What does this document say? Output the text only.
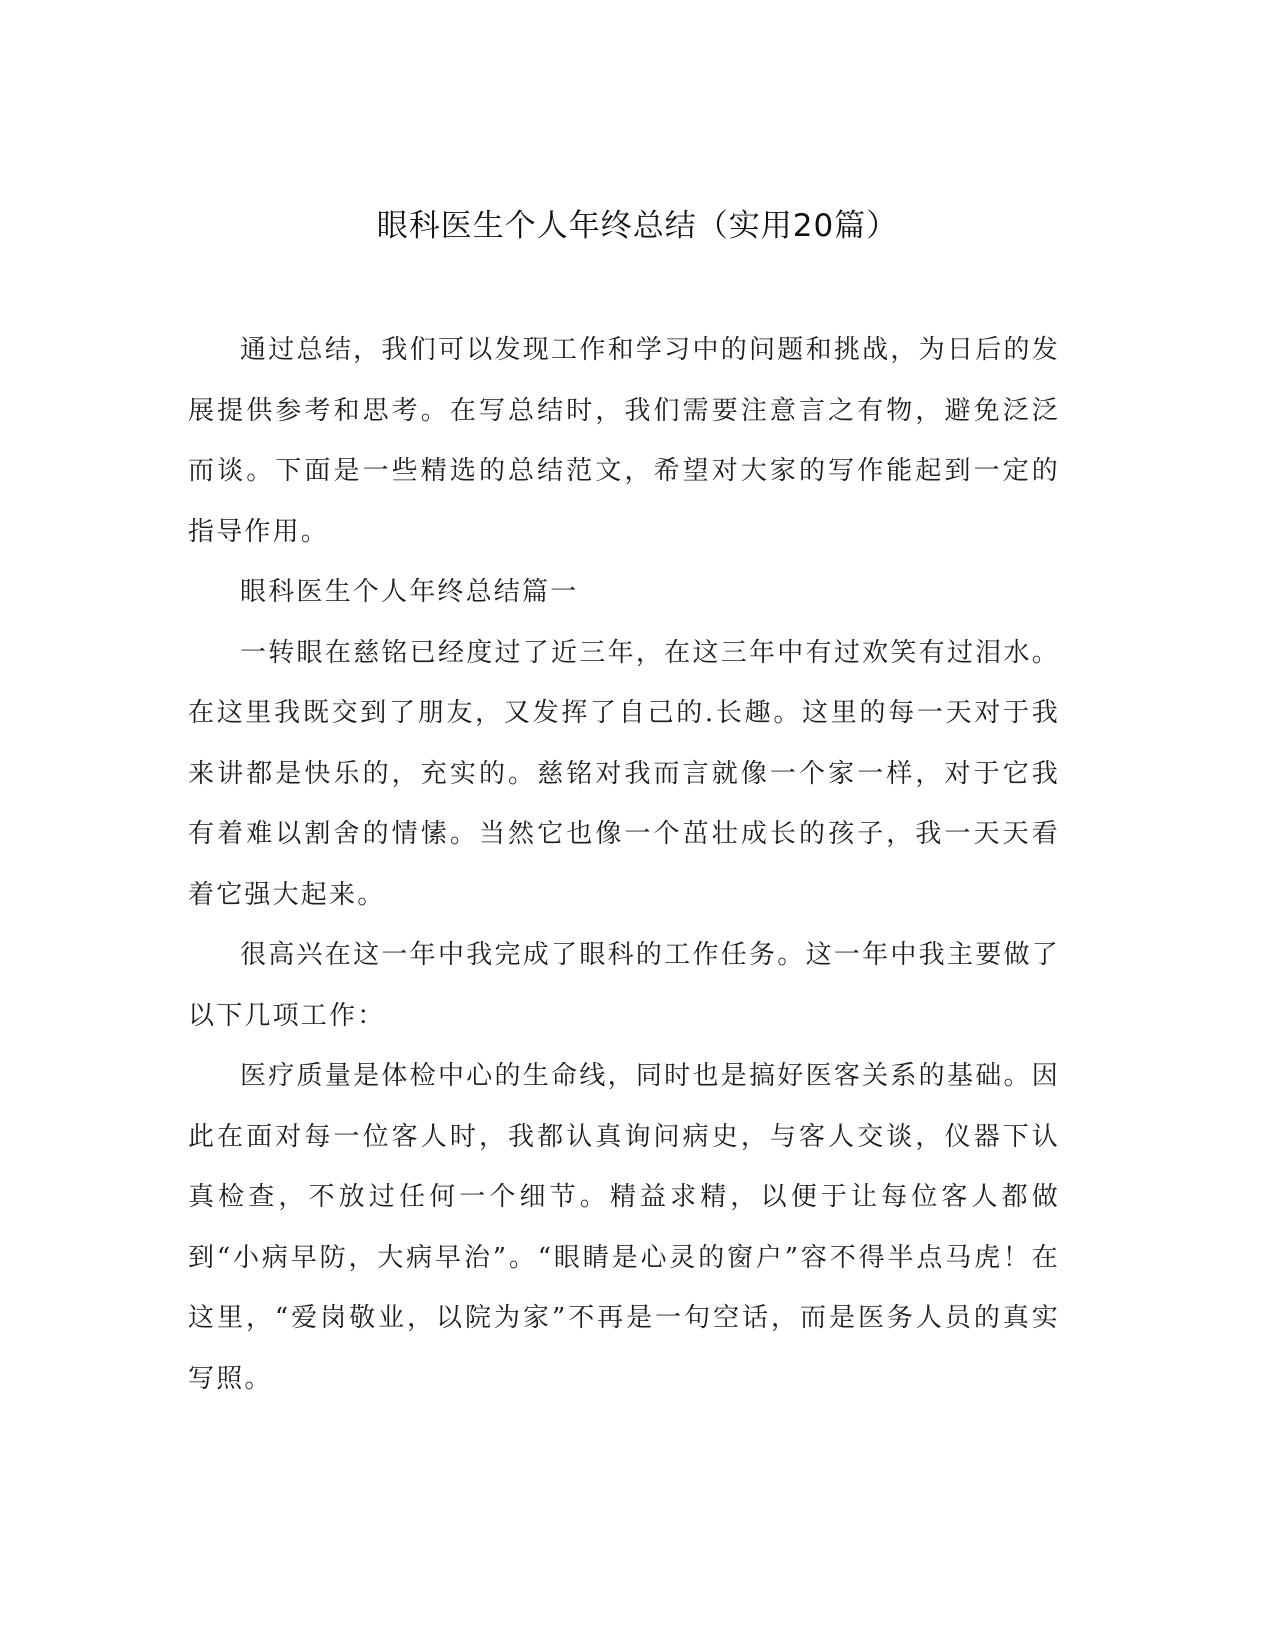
眼科医生个人年终总结（实用20篇）

通过总结，我们可以发现工作和学习中的问题和挑战，为日后的发展提供参考和思考。在写总结时，我们需要注意言之有物，避免泛泛而谈。下面是一些精选的总结范文，希望对大家的写作能起到一定的指导作用。

眼科医生个人年终总结篇一

一转眼在慈铭已经度过了近三年，在这三年中有过欢笑有过泪水。在这里我既交到了朋友，又发挥了自己的.长趣。这里的每一天对于我来讲都是快乐的，充实的。慈铭对我而言就像一个家一样，对于它我有着难以割舍的情愫。当然它也像一个茁壮成长的孩子，我一天天看着它强大起来。

很高兴在这一年中我完成了眼科的工作任务。这一年中我主要做了以下几项工作：

医疗质量是体检中心的生命线，同时也是搞好医客关系的基础。因此在面对每一位客人时，我都认真询问病史，与客人交谈，仪器下认真检查，不放过任何一个细节。精益求精，以便于让每位客人都做到“小病早防，大病早治”。“眼睛是心灵的窗户”容不得半点马虎！在这里，“爱岗敬业，以院为家”不再是一句空话，而是医务人员的真实写照。
